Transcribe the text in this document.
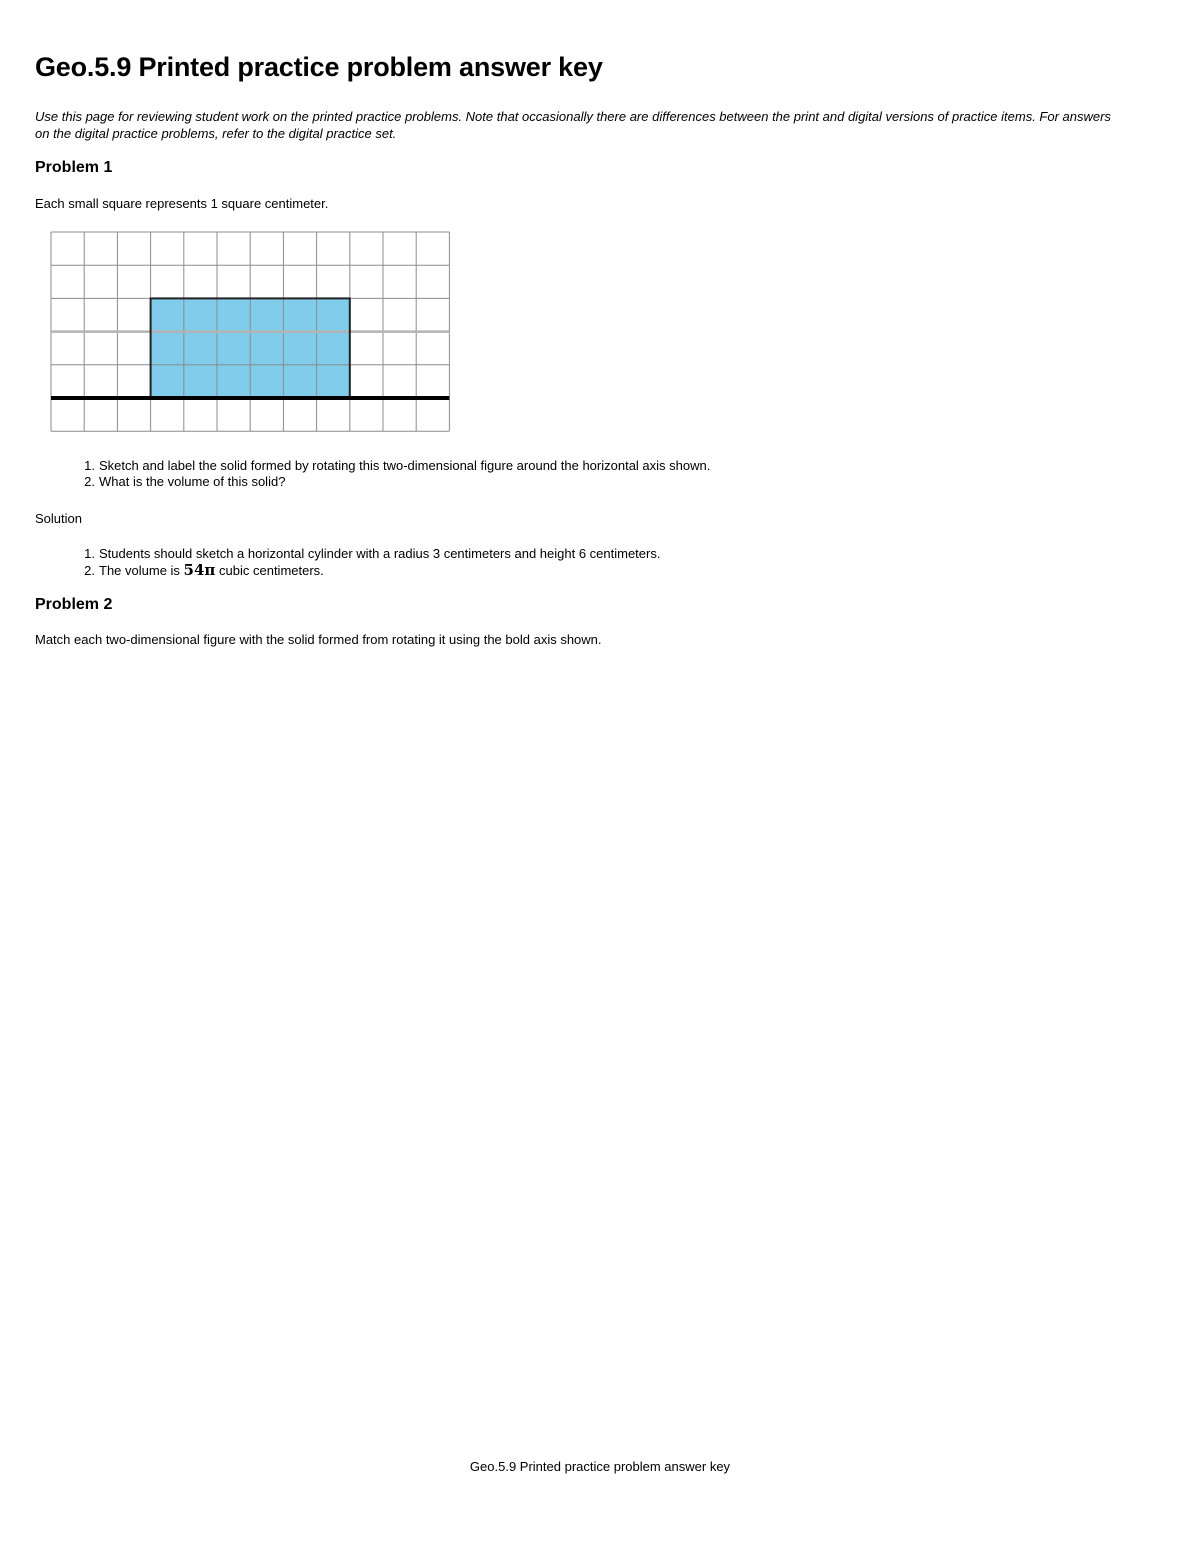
Geo.5.9 Printed practice problem answer key

Use this page for reviewing student work on the printed practice problems. Note that occasionally there are differences between the print and digital versions of practice items. For answers on the digital practice problems, refer to the digital practice set.

Problem 1

Each small square represents 1 square centimeter.

1. Sketch and label the solid formed by rotating this two-dimensional figure around the horizontal axis shown.
2. What is the volume of this solid?

Solution

1. Students should sketch a horizontal cylinder with a radius 3 centimeters and height 6 centimeters.
2. The volume is 54π cubic centimeters.
Problem 2

Match each two-dimensional figure with the solid formed from rotating it using the bold axis shown.

Geo.5.9 Printed practice problem answer key
